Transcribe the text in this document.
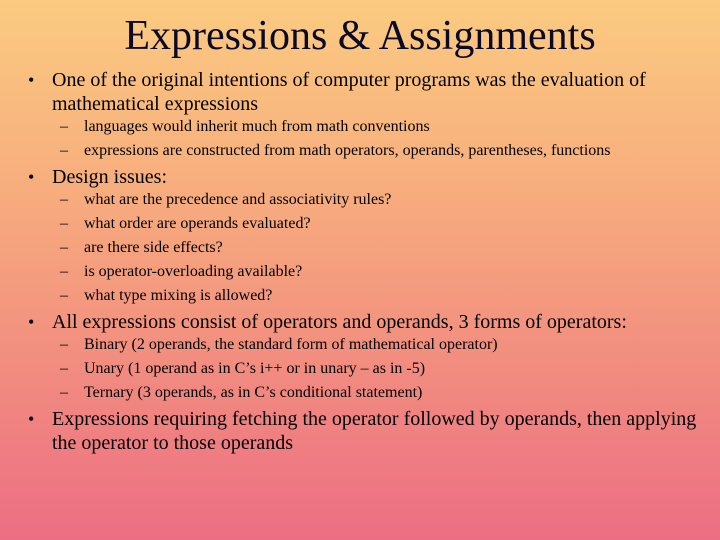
Expressions & Assignments
• One of the original intentions of computer programs was the evaluation of mathematical expressions
– languages would inherit much from math conventions
– expressions are constructed from math operators, operands, parentheses, functions
• Design issues:
– what are the precedence and associativity rules?
– what order are operands evaluated?
– are there side effects?
– is operator-overloading available?
– what type mixing is allowed?
• All expressions consist of operators and operands, 3 forms of operators:
– Binary (2 operands, the standard form of mathematical operator)
– Unary (1 operand as in C’s i++ or in unary – as in -5)
– Ternary (3 operands, as in C’s conditional statement)
• Expressions requiring fetching the operator followed by operands, then applying the operator to those operands
